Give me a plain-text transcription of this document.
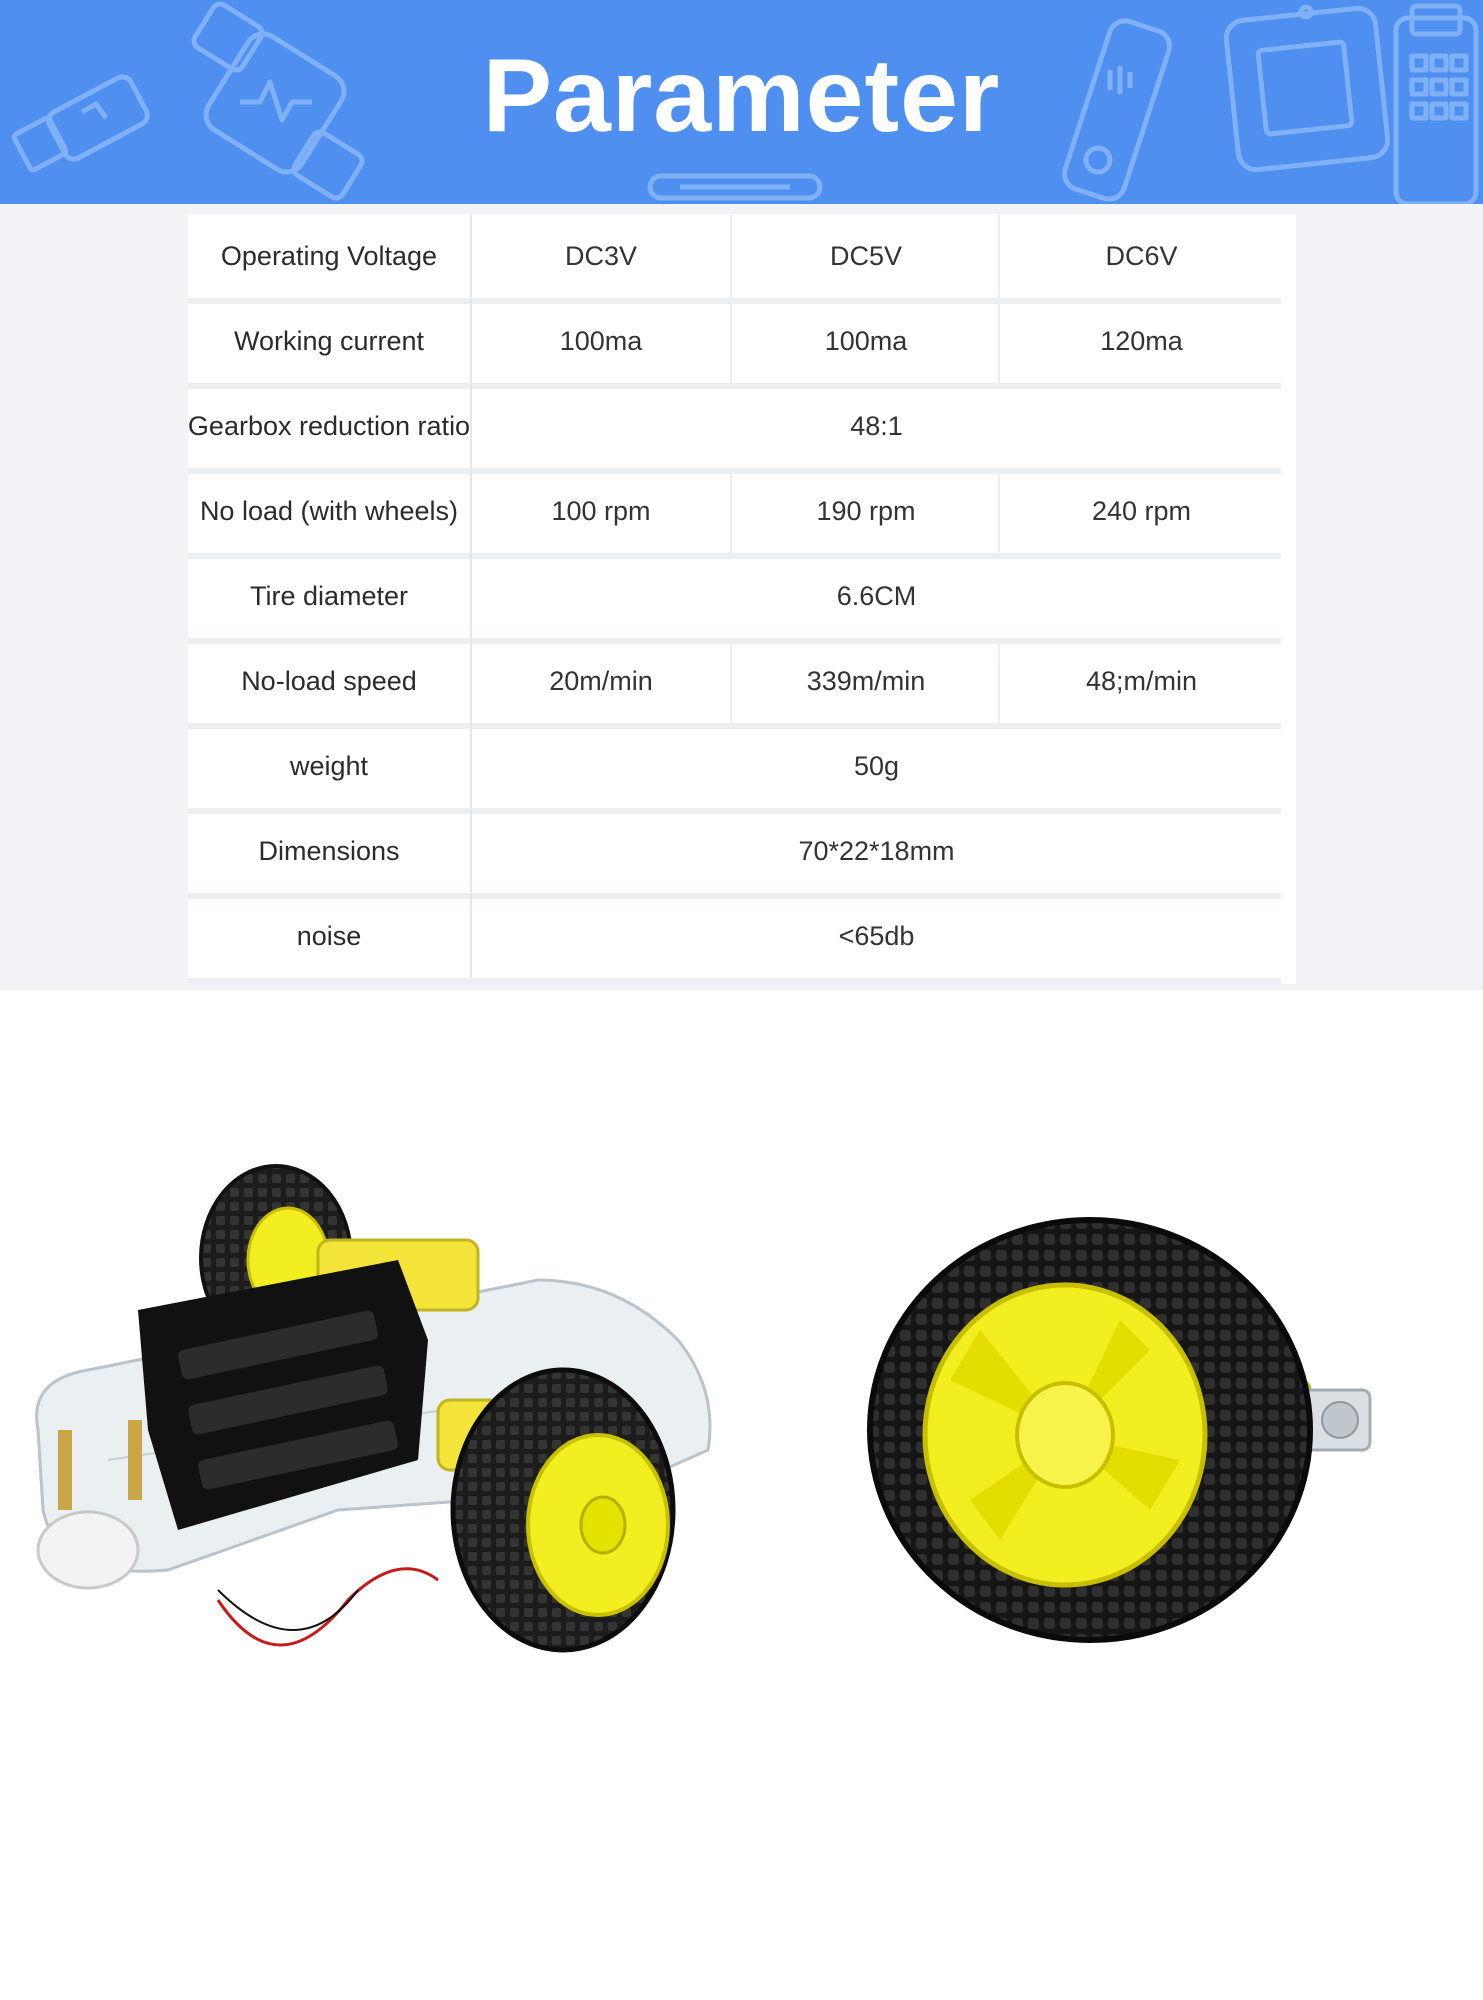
Parameter
Operating Voltage	DC3V	DC5V	DC6V
Working current	100ma	100ma	120ma
Gearbox reduction ratio	48:1
No load (with wheels)	100 rpm	190 rpm	240 rpm
Tire diameter	6.6CM
No-load speed	20m/min	339m/min	48;m/min
weight	50g
Dimensions	70*22*18mm
noise	<65db
